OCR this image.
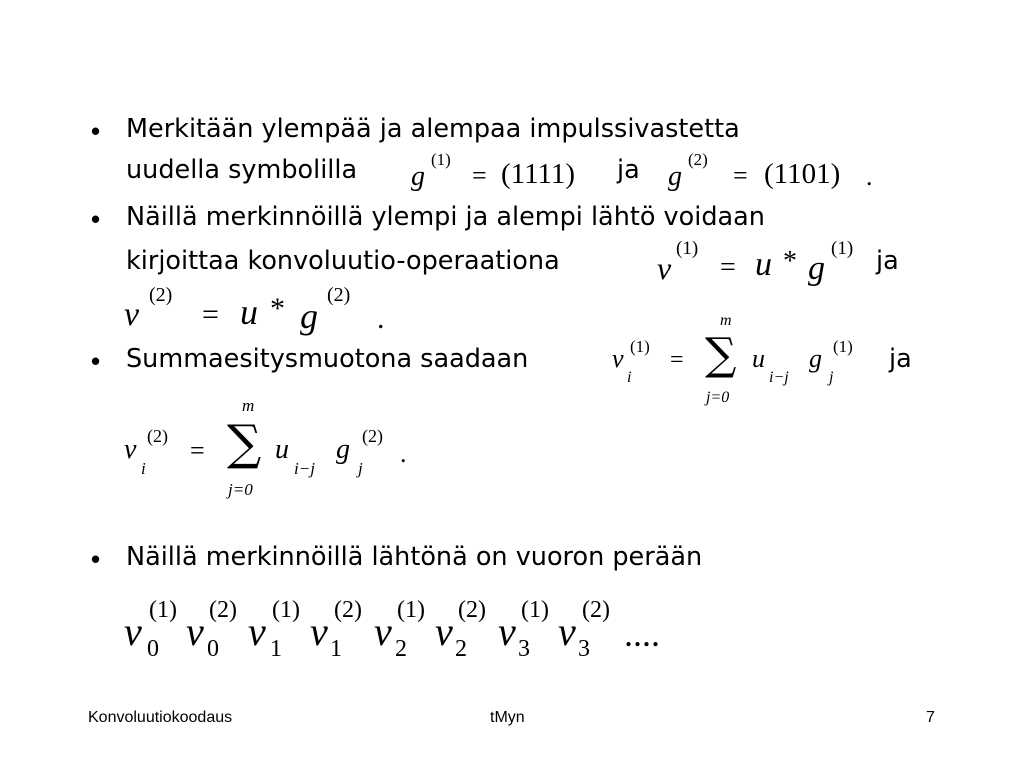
• Merkitään ylempää ja alempaa impulssivastetta
uudella symbolilla g
(1)
= (1111) ja g
(2)
= (1101) .
• Näillä merkinnöillä ylempi ja alempi lähtö voidaan
kirjoittaa konvoluutio-operaationa	v
(1)
= u * g
(1) ja
v
(2)
= u * g
(2)
.
• Summaesitysmuotona saadaan	v
i
(1)
=
m
∑
j=0
u
i−j
g
j
(1) ja
v
i
(2) =
m
∑
j=0
u
i−j
g
j
(2)
.
• Näillä merkinnöillä lähtönä on vuoron perään
v 0
(1) v 0
(2) v 1
(1) v 1
(2) v 2
(1) v 2
(2) v 3
(1) v 3
(2)
....
Konvoluutiokoodaus	tMyn	7
